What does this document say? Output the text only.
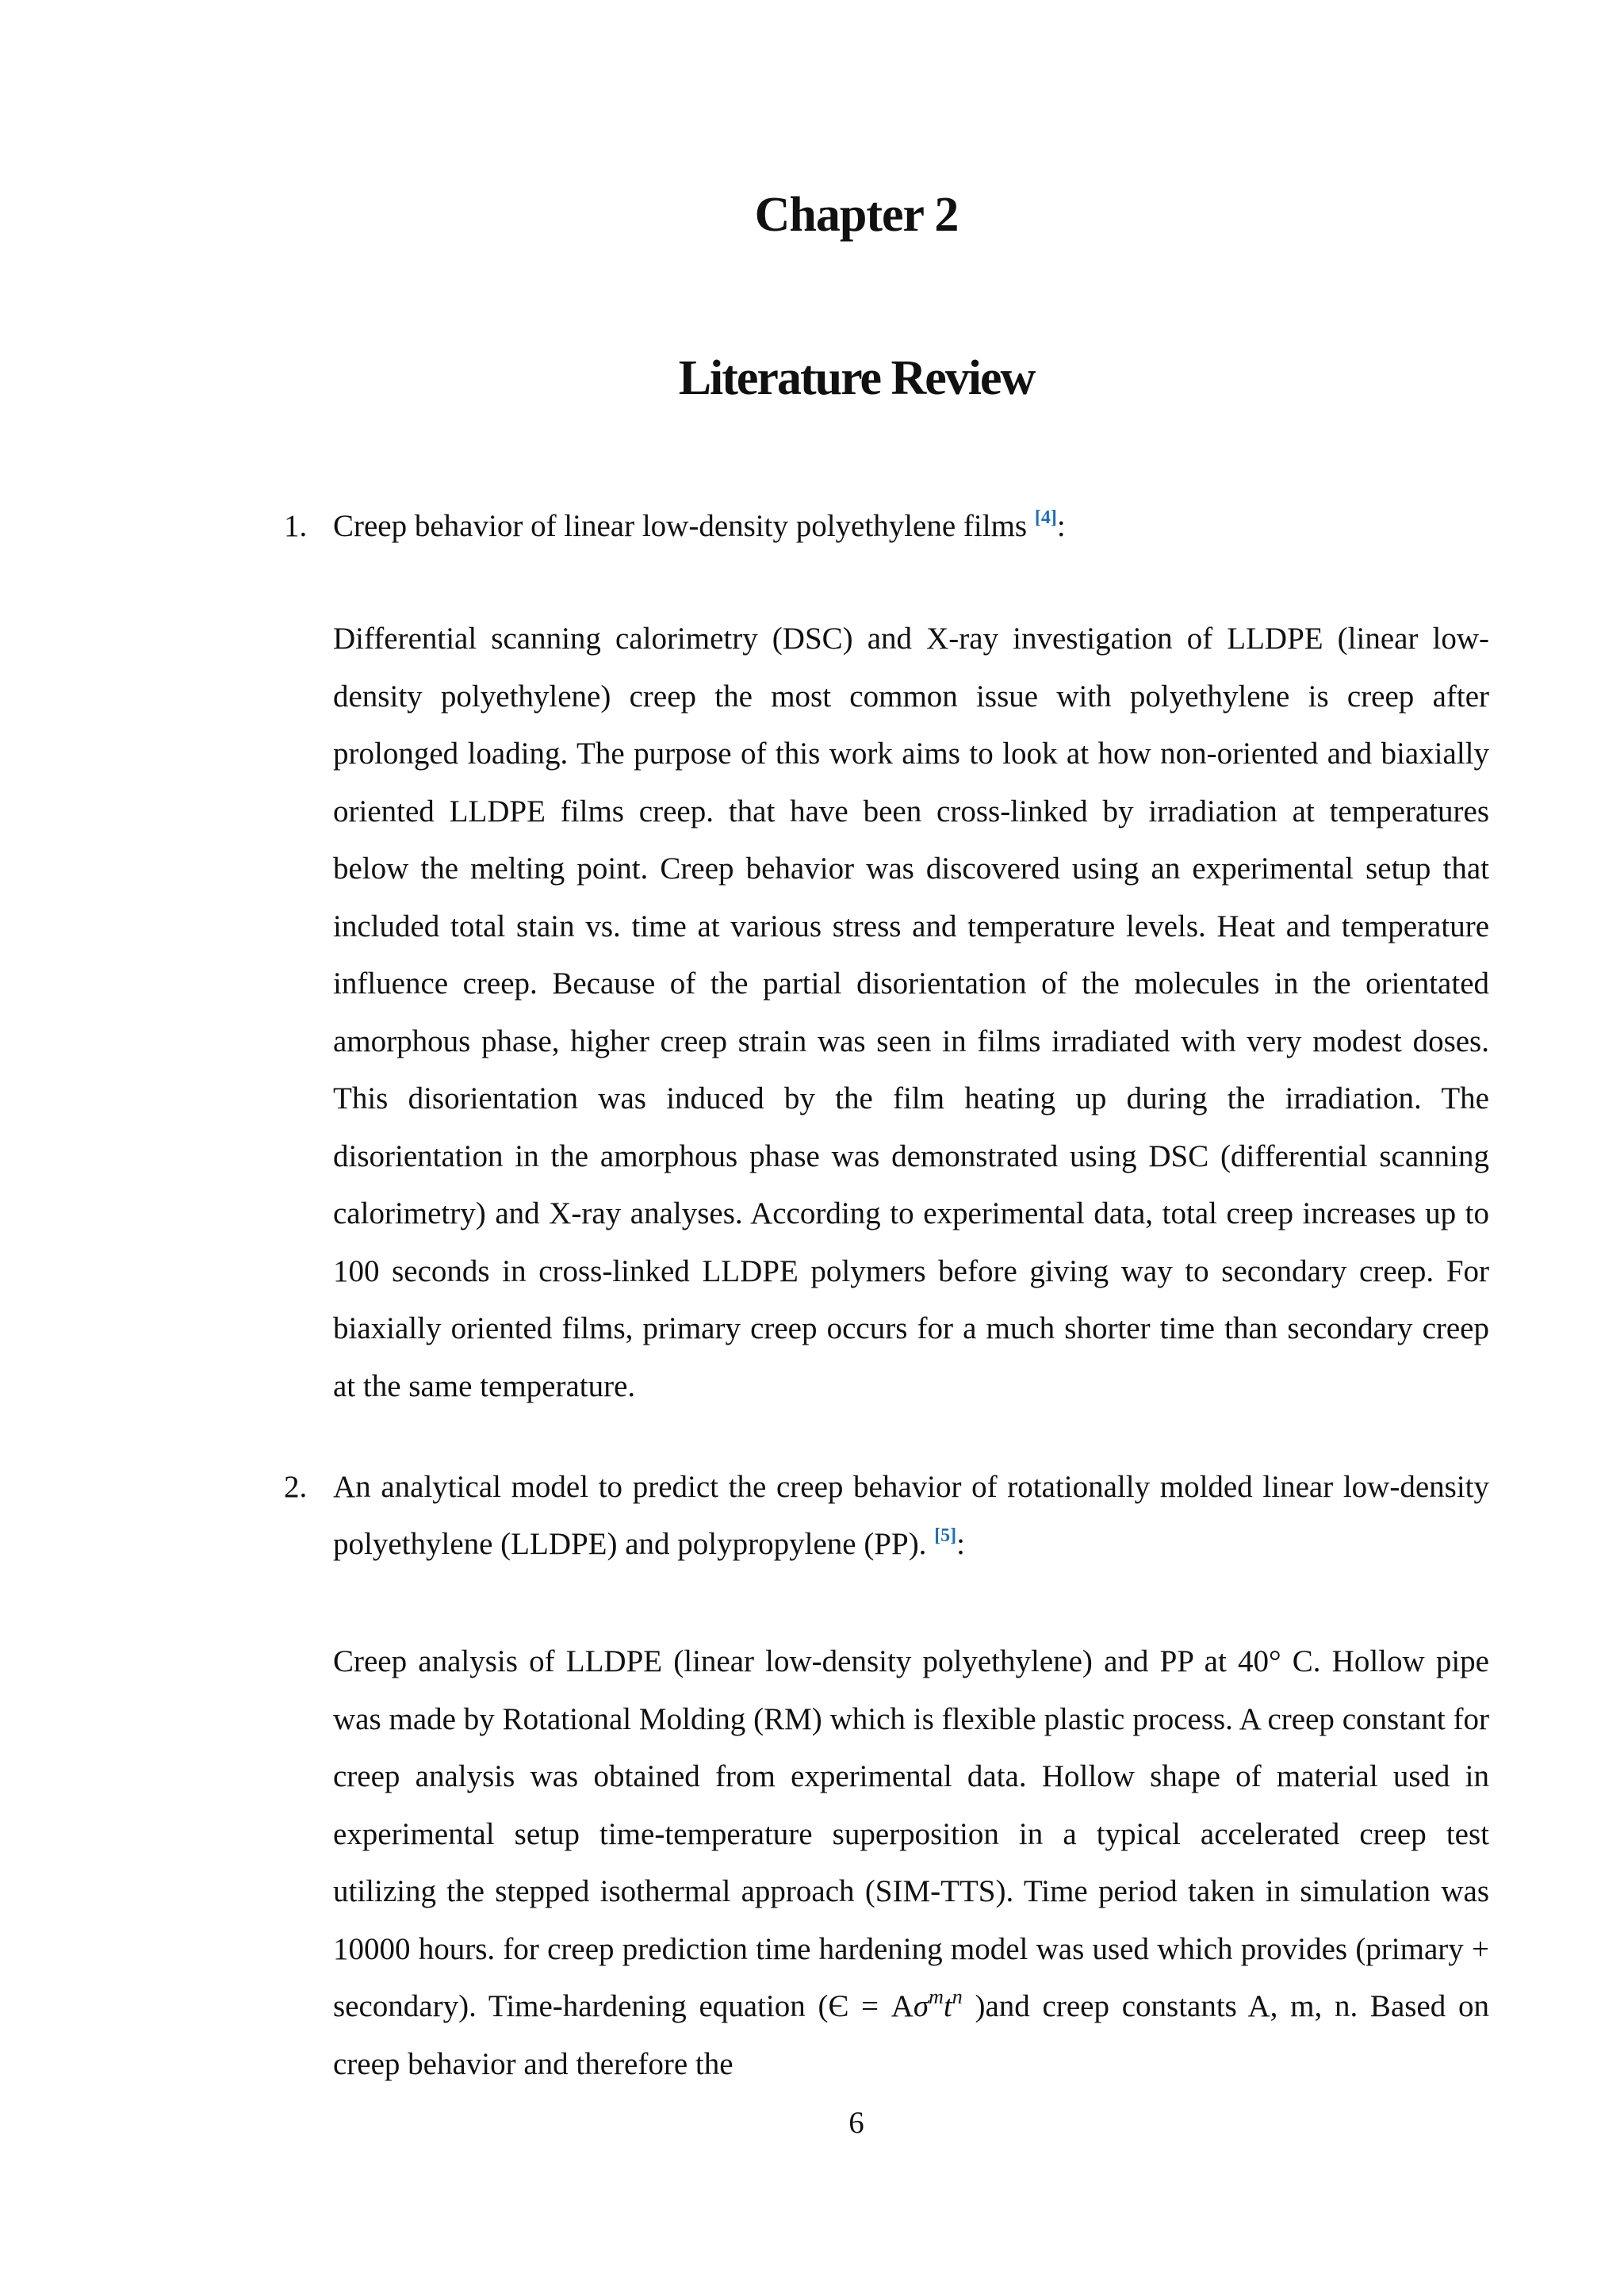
Chapter 2
Literature Review
1. Creep behavior of linear low-density polyethylene films [4]:

Differential scanning calorimetry (DSC) and X-ray investigation of LLDPE (linear low-density polyethylene) creep the most common issue with polyethylene is creep after prolonged loading. The purpose of this work aims to look at how non-oriented and biaxially oriented LLDPE films creep. that have been cross-linked by irradiation at temperatures below the melting point. Creep behavior was discovered using an experimental setup that included total stain vs. time at various stress and temperature levels. Heat and temperature influence creep. Because of the partial disorientation of the molecules in the orientated amorphous phase, higher creep strain was seen in films irradiated with very modest doses. This disorientation was induced by the film heating up during the irradiation. The disorientation in the amorphous phase was demonstrated using DSC (differential scanning calorimetry) and X-ray analyses. According to experimental data, total creep increases up to 100 seconds in cross-linked LLDPE polymers before giving way to secondary creep. For biaxially oriented films, primary creep occurs for a much shorter time than secondary creep at the same temperature.

2. An analytical model to predict the creep behavior of rotationally molded linear low-density polyethylene (LLDPE) and polypropylene (PP). [5]:

Creep analysis of LLDPE (linear low-density polyethylene) and PP at 40° C. Hollow pipe was made by Rotational Molding (RM) which is flexible plastic process. A creep constant for creep analysis was obtained from experimental data. Hollow shape of material used in experimental setup time-temperature superposition in a typical accelerated creep test utilizing the stepped isothermal approach (SIM-TTS). Time period taken in simulation was 10000 hours. for creep prediction time hardening model was used which provides (primary + secondary). Time-hardening equation ($Є = A\sigma^mt^n$ )and creep constants A, m, n. Based on creep behavior and therefore the

6
